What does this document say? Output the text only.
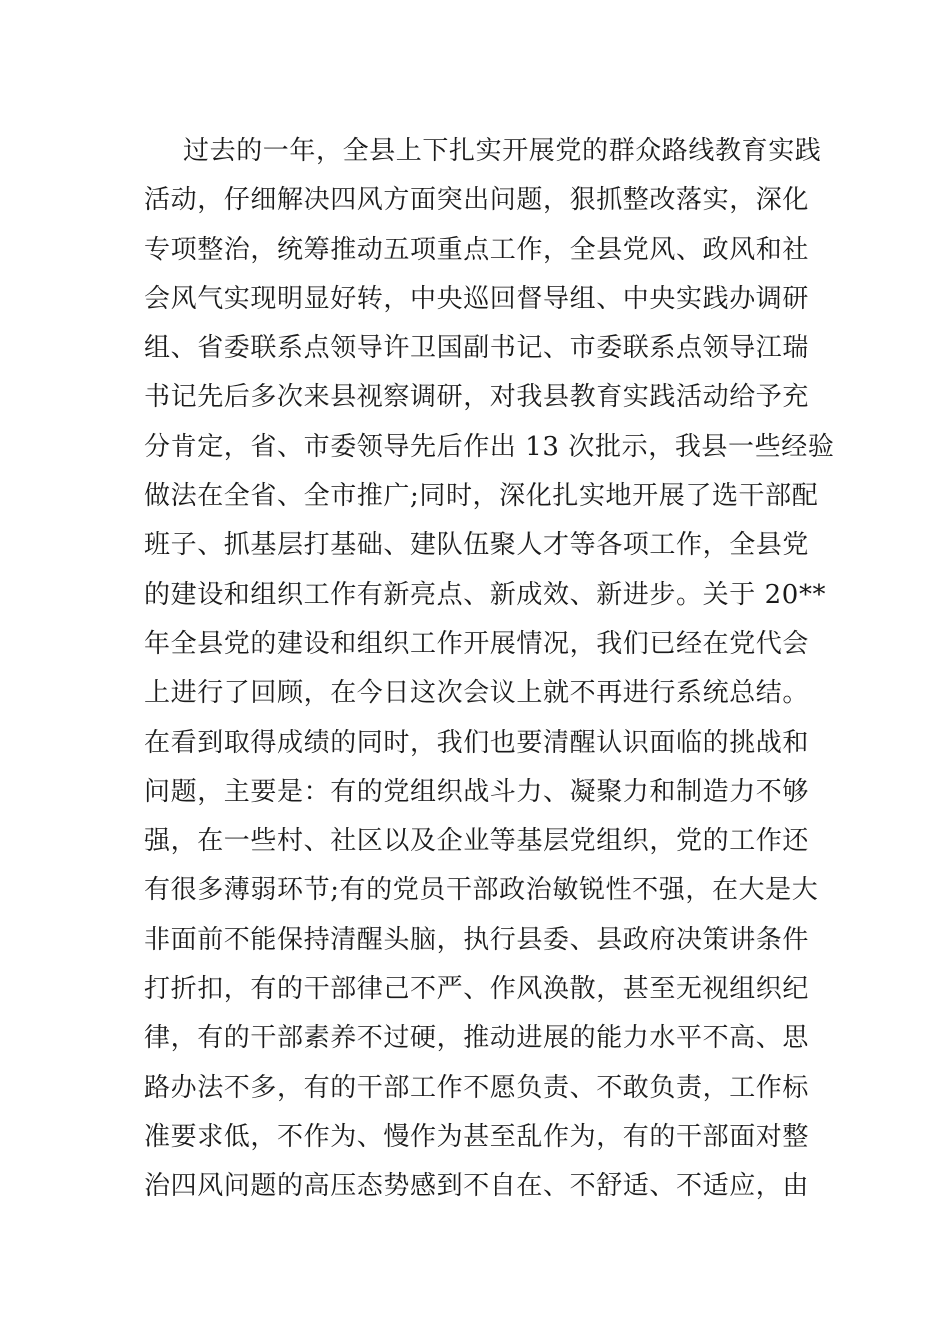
过去的一年，全县上下扎实开展党的群众路线教育实践
活动，仔细解决四风方面突出问题，狠抓整改落实，深化
专项整治，统筹推动五项重点工作，全县党风、政风和社
会风气实现明显好转，中央巡回督导组、中央实践办调研
组、省委联系点领导许卫国副书记、市委联系点领导江瑞
书记先后多次来县视察调研，对我县教育实践活动给予充
分肯定，省、市委领导先后作出 13 次批示，我县一些经验
做法在全省、全市推广;同时，深化扎实地开展了选干部配
班子、抓基层打基础、建队伍聚人才等各项工作，全县党
的建设和组织工作有新亮点、新成效、新进步。关于 20**
年全县党的建设和组织工作开展情况，我们已经在党代会
上进行了回顾，在今日这次会议上就不再进行系统总结。
在看到取得成绩的同时，我们也要清醒认识面临的挑战和
问题，主要是：有的党组织战斗力、凝聚力和制造力不够
强，在一些村、社区以及企业等基层党组织，党的工作还
有很多薄弱环节;有的党员干部政治敏锐性不强，在大是大
非面前不能保持清醒头脑，执行县委、县政府决策讲条件
打折扣，有的干部律己不严、作风涣散，甚至无视组织纪
律，有的干部素养不过硬，推动进展的能力水平不高、思
路办法不多，有的干部工作不愿负责、不敢负责，工作标
准要求低，不作为、慢作为甚至乱作为，有的干部面对整
治四风问题的高压态势感到不自在、不舒适、不适应，由
